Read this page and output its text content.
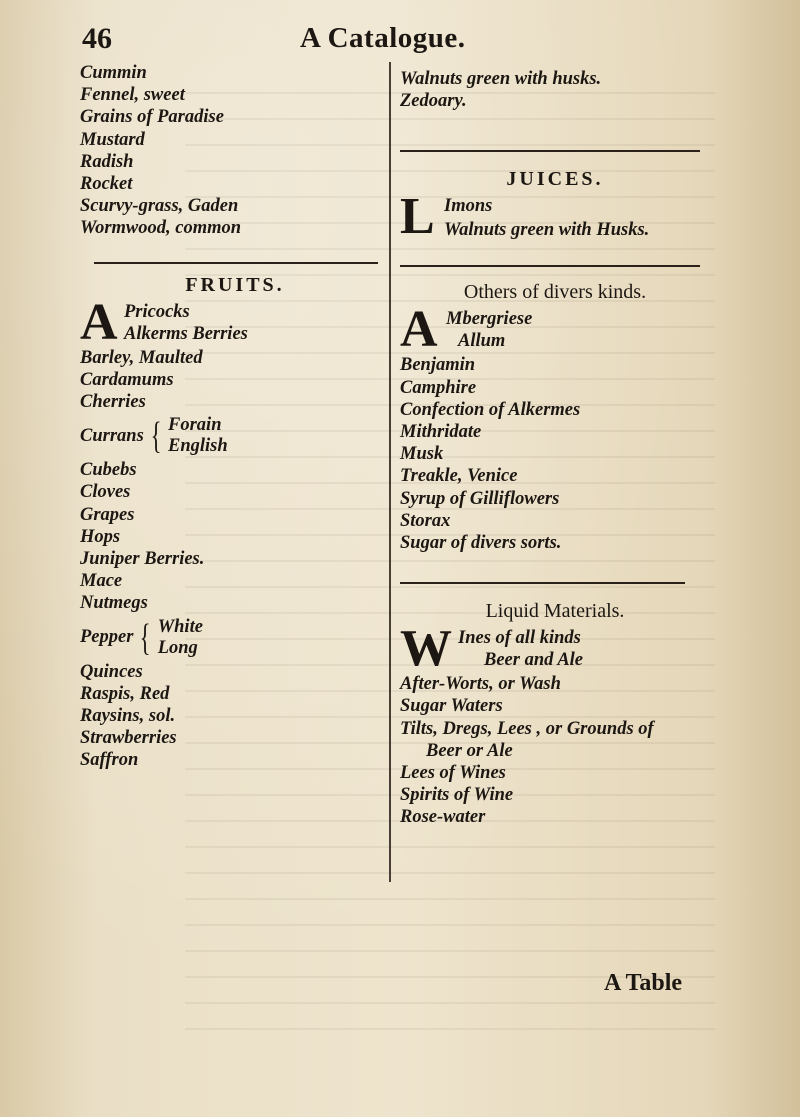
46	A Catalogue.
Cummin
Fennel, sweet
Grains of Paradise
Mustard
Radish
Rocket
Scurvy-grass, Gaden
Wormwood, common
FRUITS.
A Pricocks
Alkerms Berries
Barley, Maulted
Cardamums
Cherries
Currans { Forain
English
Cubebs
Cloves
Grapes
Hops
Juniper Berries.
Mace
Nutmegs
Pepper { White
Long
Quinces
Raspis, Red
Raysins, sol.
Strawberries
Saffron
Walnuts green with husks.
Zedoary.
JUICES.
L Imons
Walnuts green with Husks.
Others of divers kinds.
A Mbergriese
Allum
Benjamin
Camphire
Confection of Alkermes
Mithridate
Musk
Treakle, Venice
Syrup of Gilliflowers
Storax
Sugar of divers sorts.
Liquid Materials.
W Ines of all kinds
Beer and Ale
After-Worts, or Wash
Sugar Waters
Tilts, Dregs, Lees , or Grounds of
Beer or Ale
Lees of Wines
Spirits of Wine
Rose-water
A Table
